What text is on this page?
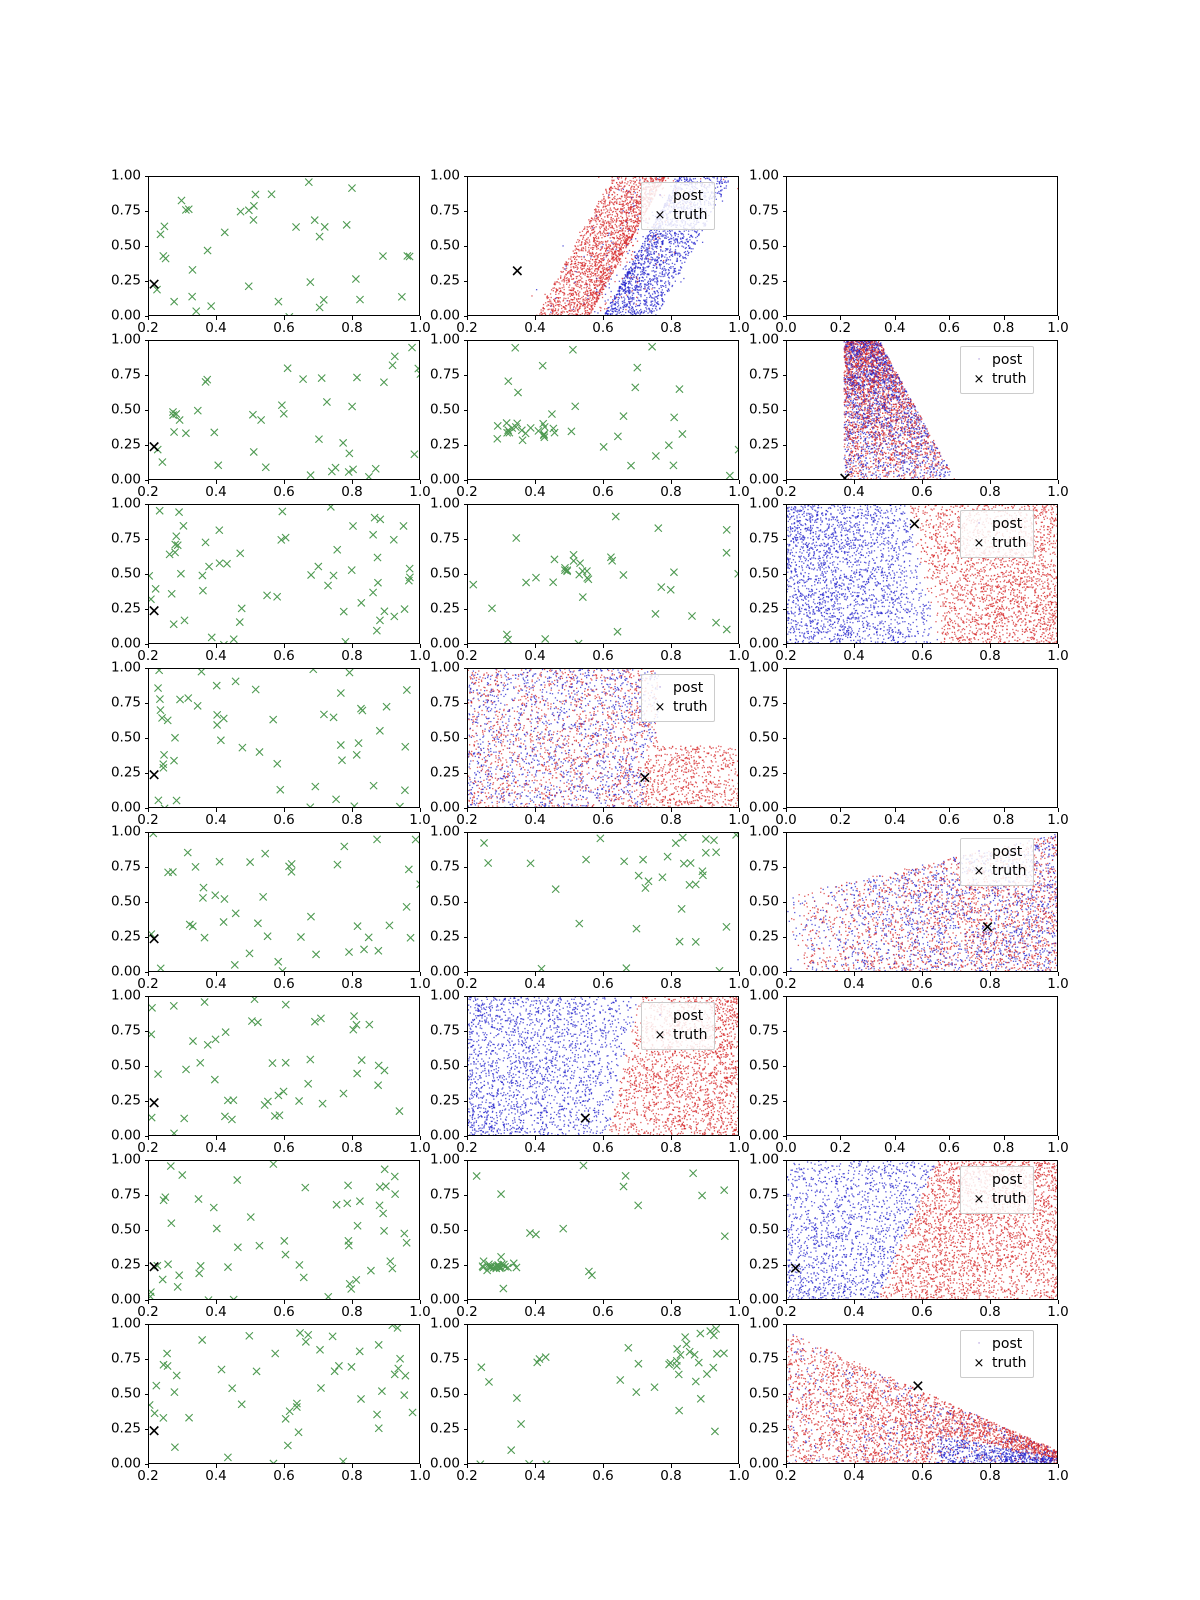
0.00
0.25
0.50
0.75
1.00
0.2	0.4	0.6	0.8	1.0
0.00
0.25
0.50
0.75
1.00
0.2	0.4	0.6	0.8	1.0
· post
× truth
0.00
0.25
0.50
0.75
1.00
0.0 0.2 0.4 0.6 0.8 1.0
0.00
0.25
0.50
0.75
1.00
0.2	0.4	0.6	0.8	1.0
0.00
0.25
0.50
0.75
1.00
0.2	0.4	0.6	0.8	1.0
0.00
0.25
0.50
0.75
1.00
0.2	0.4	0.6	0.8	1.0
· post
× truth
0.00
0.25
0.50
0.75
1.00
0.2	0.4	0.6	0.8	1.0
0.00
0.25
0.50
0.75
1.00
0.2	0.4	0.6	0.8	1.0
0.00
0.25
0.50
0.75
1.00
0.2	0.4	0.6	0.8	1.0
· post
× truth
0.00
0.25
0.50
0.75
1.00
0.2	0.4	0.6	0.8	1.0
0.00
0.25
0.50
0.75
1.00
0.2	0.4	0.6	0.8	1.0
· post
× truth
0.00
0.25
0.50
0.75
1.00
0.0 0.2 0.4 0.6 0.8 1.0
0.00
0.25
0.50
0.75
1.00
0.2	0.4	0.6	0.8	1.0
0.00
0.25
0.50
0.75
1.00
0.2	0.4	0.6	0.8	1.0
0.00
0.25
0.50
0.75
1.00
0.2	0.4	0.6	0.8	1.0
· post
× truth
0.00
0.25
0.50
0.75
1.00
0.2	0.4	0.6	0.8	1.0
0.00
0.25
0.50
0.75
1.00
0.2	0.4	0.6	0.8	1.0
· post
× truth
0.00
0.25
0.50
0.75
1.00
0.0 0.2 0.4 0.6 0.8 1.0
0.00
0.25
0.50
0.75
1.00
0.2	0.4	0.6	0.8	1.0
0.00
0.25
0.50
0.75
1.00
0.2	0.4	0.6	0.8	1.0
0.00
0.25
0.50
0.75
1.00
0.2	0.4	0.6	0.8	1.0
· post
× truth
0.00
0.25
0.50
0.75
1.00
0.2	0.4	0.6	0.8	1.0
0.00
0.25
0.50
0.75
1.00
0.2	0.4	0.6	0.8	1.0
0.00
0.25
0.50
0.75
1.00
0.2	0.4	0.6	0.8	1.0
· post
× truth
